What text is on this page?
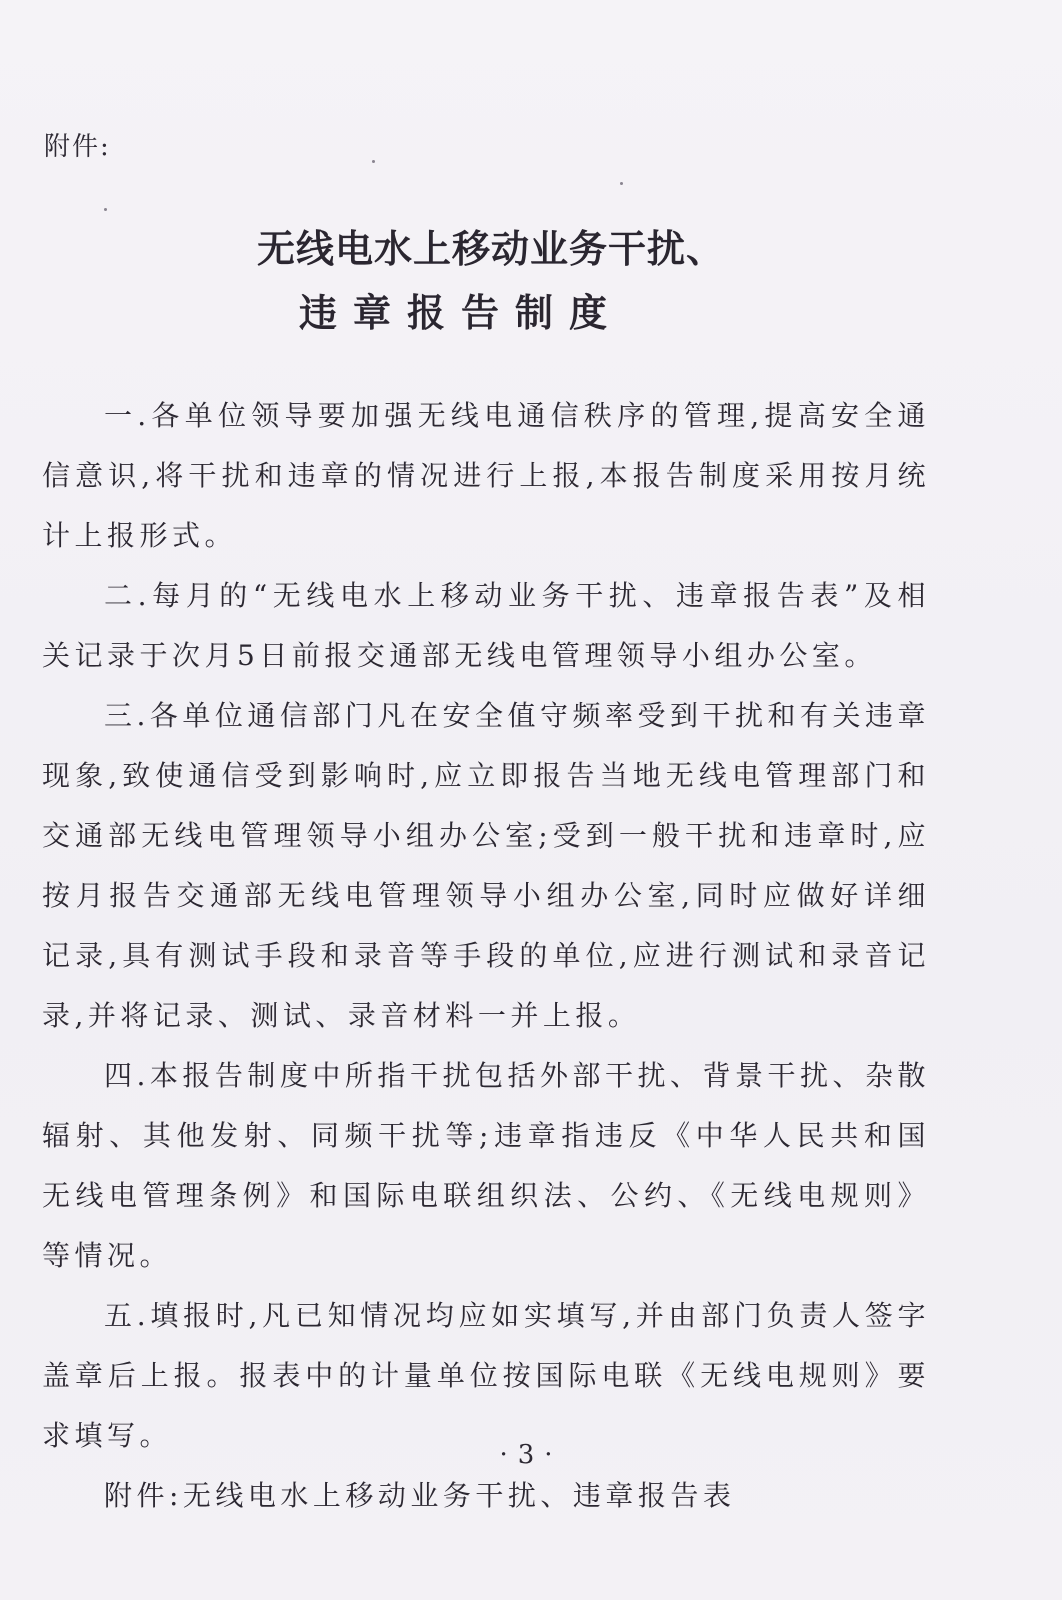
附件:
无线电水上移动业务干扰、
违章报告制度

一.各单位领导要加强无线电通信秩序的管理,提高安全通信意识,将干扰和违章的情况进行上报,本报告制度采用按月统计上报形式。

二.每月的“无线电水上移动业务干扰、违章报告表”及相关记录于次月5日前报交通部无线电管理领导小组办公室。

三.各单位通信部门凡在安全值守频率受到干扰和有关违章现象,致使通信受到影响时,应立即报告当地无线电管理部门和交通部无线电管理领导小组办公室;受到一般干扰和违章时,应按月报告交通部无线电管理领导小组办公室,同时应做好详细记录,具有测试手段和录音等手段的单位,应进行测试和录音记录,并将记录、测试、录音材料一并上报。

四.本报告制度中所指干扰包括外部干扰、背景干扰、杂散辐射、其他发射、同频干扰等;违章指违反《中华人民共和国无线电管理条例》和国际电联组织法、公约、《无线电规则》等情况。

五.填报时,凡已知情况均应如实填写,并由部门负责人签字盖章后上报。报表中的计量单位按国际电联《无线电规则》要求填写。

附件:无线电水上移动业务干扰、违章报告表

·3·
